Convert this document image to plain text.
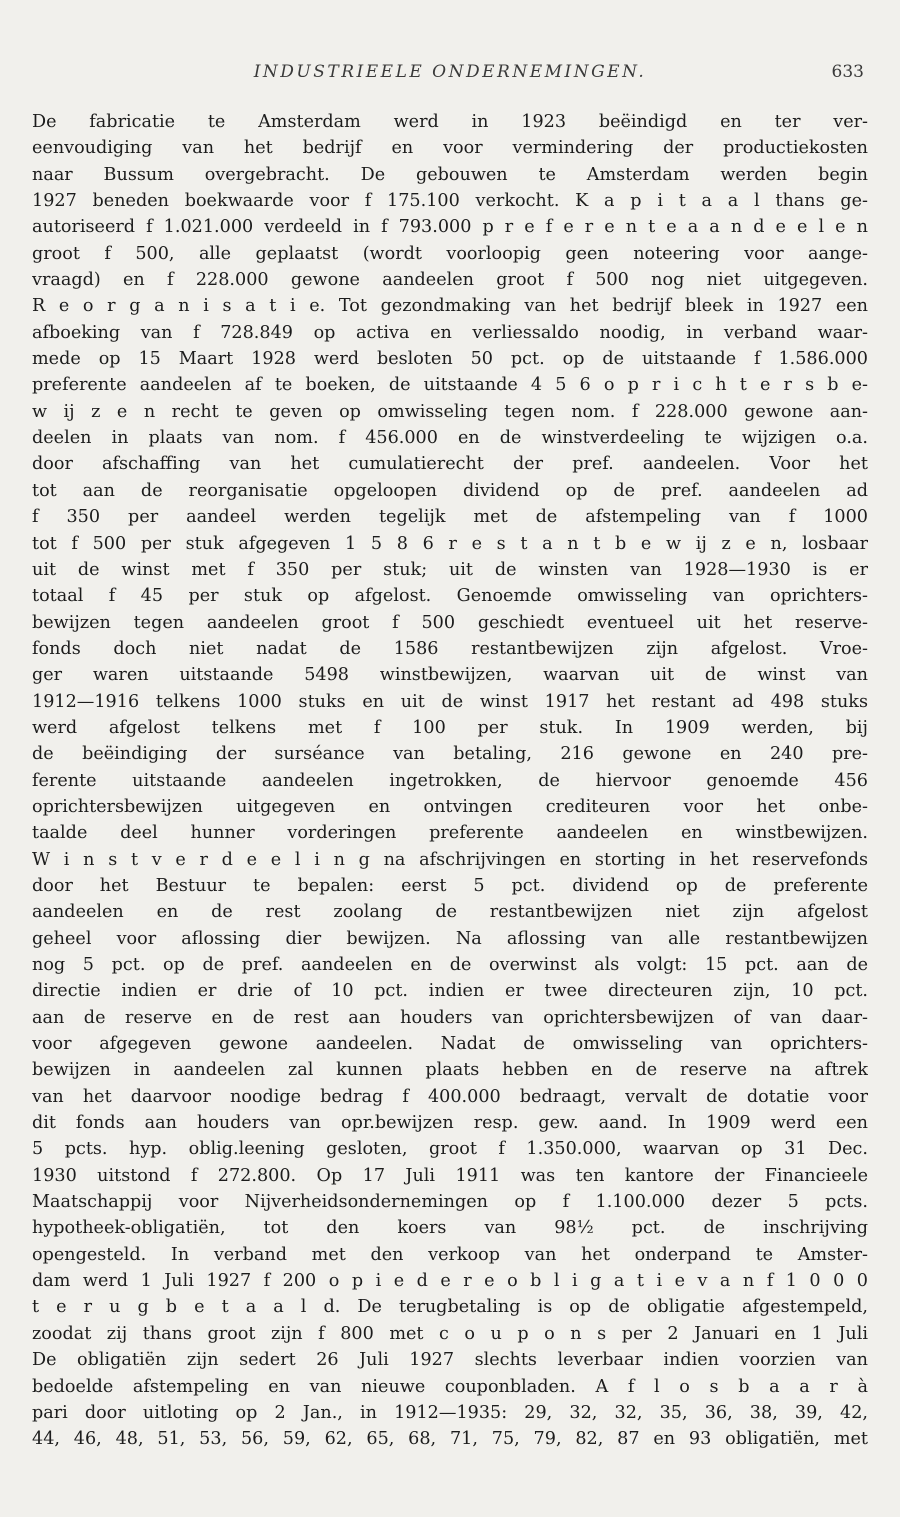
INDUSTRIEELE ONDERNEMINGEN.	633
De fabricatie te Amsterdam werd in 1923 beëindigd en ter ver-
eenvoudiging van het bedrijf en voor vermindering der productiekosten
naar Bussum overgebracht. De gebouwen te Amsterdam werden begin
1927 beneden boekwaarde voor f 175.100 verkocht. K a p i t a a l thans ge-
autoriseerd f 1.021.000 verdeeld in f 793.000 p r e f e r e n t e a a n d e e l e n
groot f 500, alle geplaatst (wordt voorloopig geen noteering voor aange-
vraagd) en f 228.000 gewone aandeelen groot f 500 nog niet uitgegeven.
R e o r g a n i s a t i e. Tot gezondmaking van het bedrijf bleek in 1927 een
afboeking van f 728.849 op activa en verliessaldo noodig, in verband waar-
mede op 15 Maart 1928 werd besloten 50 pct. op de uitstaande f 1.586.000
preferente aandeelen af te boeken, de uitstaande 4 5 6 o p r i c h t e r s b e-
w ij z e n recht te geven op omwisseling tegen nom. f 228.000 gewone aan-
deelen in plaats van nom. f 456.000 en de winstverdeeling te wijzigen o.a.
door afschaffing van het cumulatierecht der pref. aandeelen. Voor het
tot aan de reorganisatie opgeloopen dividend op de pref. aandeelen ad
f 350 per aandeel werden tegelijk met de afstempeling van f 1000
tot f 500 per stuk afgegeven 1 5 8 6 r e s t a n t b e w ij z e n, losbaar
uit de winst met f 350 per stuk; uit de winsten van 1928—1930 is er
totaal f 45 per stuk op afgelost. Genoemde omwisseling van oprichters-
bewijzen tegen aandeelen groot f 500 geschiedt eventueel uit het reserve-
fonds doch niet nadat de 1586 restantbewijzen zijn afgelost. Vroe-
ger waren uitstaande 5498 winstbewijzen, waarvan uit de winst van
1912—1916 telkens 1000 stuks en uit de winst 1917 het restant ad 498 stuks
werd afgelost telkens met f 100 per stuk. In 1909 werden, bij
de beëindiging der surséance van betaling, 216 gewone en 240 pre-
ferente uitstaande aandeelen ingetrokken, de hiervoor genoemde 456
oprichtersbewijzen uitgegeven en ontvingen crediteuren voor het onbe-
taalde deel hunner vorderingen preferente aandeelen en winstbewijzen.
W i n s t v e r d e e l i n g na afschrijvingen en storting in het reservefonds
door het Bestuur te bepalen: eerst 5 pct. dividend op de preferente
aandeelen en de rest zoolang de restantbewijzen niet zijn afgelost
geheel voor aflossing dier bewijzen. Na aflossing van alle restantbewijzen
nog 5 pct. op de pref. aandeelen en de overwinst als volgt: 15 pct. aan de
directie indien er drie of 10 pct. indien er twee directeuren zijn, 10 pct.
aan de reserve en de rest aan houders van oprichtersbewijzen of van daar-
voor afgegeven gewone aandeelen. Nadat de omwisseling van oprichters-
bewijzen in aandeelen zal kunnen plaats hebben en de reserve na aftrek
van het daarvoor noodige bedrag f 400.000 bedraagt, vervalt de dotatie voor
dit fonds aan houders van opr.bewijzen resp. gew. aand. In 1909 werd een
5 pcts. hyp. oblig.leening gesloten, groot f 1.350.000, waarvan op 31 Dec.
1930 uitstond f 272.800. Op 17 Juli 1911 was ten kantore der Financieele
Maatschappij voor Nijverheidsondernemingen op f 1.100.000 dezer 5 pcts.
hypotheek-obligatiën, tot den koers van 98½ pct. de inschrijving
opengesteld. In verband met den verkoop van het onderpand te Amster-
dam werd 1 Juli 1927 f 200 o p i e d e r e o b l i g a t i e v a n f 1 0 0 0
t e r u g b e t a a l d. De terugbetaling is op de obligatie afgestempeld,
zoodat zij thans groot zijn f 800 met c o u p o n s per 2 Januari en 1 Juli
De obligatiën zijn sedert 26 Juli 1927 slechts leverbaar indien voorzien van
bedoelde afstempeling en van nieuwe couponbladen. A f l o s b a a r à
pari door uitloting op 2 Jan., in 1912—1935: 29, 32, 32, 35, 36, 38, 39, 42,
44, 46, 48, 51, 53, 56, 59, 62, 65, 68, 71, 75, 79, 82, 87 en 93 obligatiën, met
